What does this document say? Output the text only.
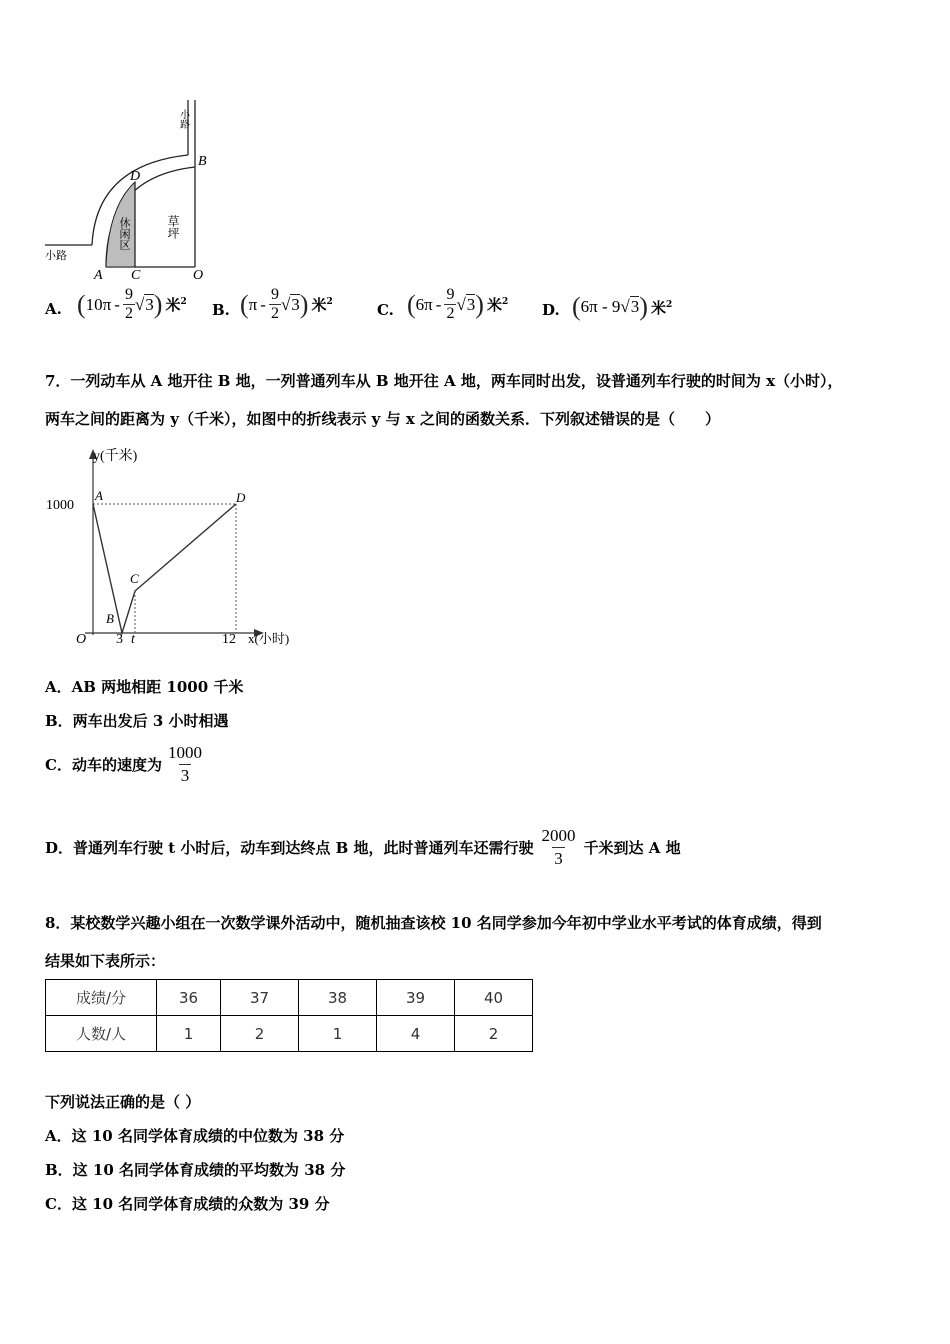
小路
小路
休闲区	草坪
A
B
C
D
O
A. ( $10\pi - \frac{9}{2} √3$ ) 米$^2$ B. ( π - $\frac{9}{2} √3$ ) 米$^2$	C. ( $6\pi - \frac{9}{2} √3$ ) 米$^2$ D. ( 6π - 9 √3 ) 米$^2$
7．一列动车从 A 地开往 B 地，一列普通列车从 B 地开往 A 地，两车同时出发，设普通列车行驶的时间为 x（小时），
两车之间的距离为 y（千米），如图中的折线表示 y 与 x 之间的函数关系．下列叙述错误的是（　　）
y(千米)
x(小时)
1000
O 3 t	12
A
B
C
D
A．AB 两地相距 1000 千米
B．两车出发后 3 小时相遇
C．动车的速度为 $\frac{1000}{3}$
D．普通列车行驶 t 小时后，动车到达终点 B 地，此时普通列车还需行驶 $\frac{2000}{3}$ 千米到达 A 地
8．某校数学兴趣小组在一次数学课外活动中，随机抽查该校 10 名同学参加今年初中学业水平考试的体育成绩，得到
结果如下表所示：
成绩/分	36	37	38	39	40
人数/人	1	2	1	4	2
下列说法正确的是（ ）
A．这 10 名同学体育成绩的中位数为 38 分
B．这 10 名同学体育成绩的平均数为 38 分
C．这 10 名同学体育成绩的众数为 39 分
